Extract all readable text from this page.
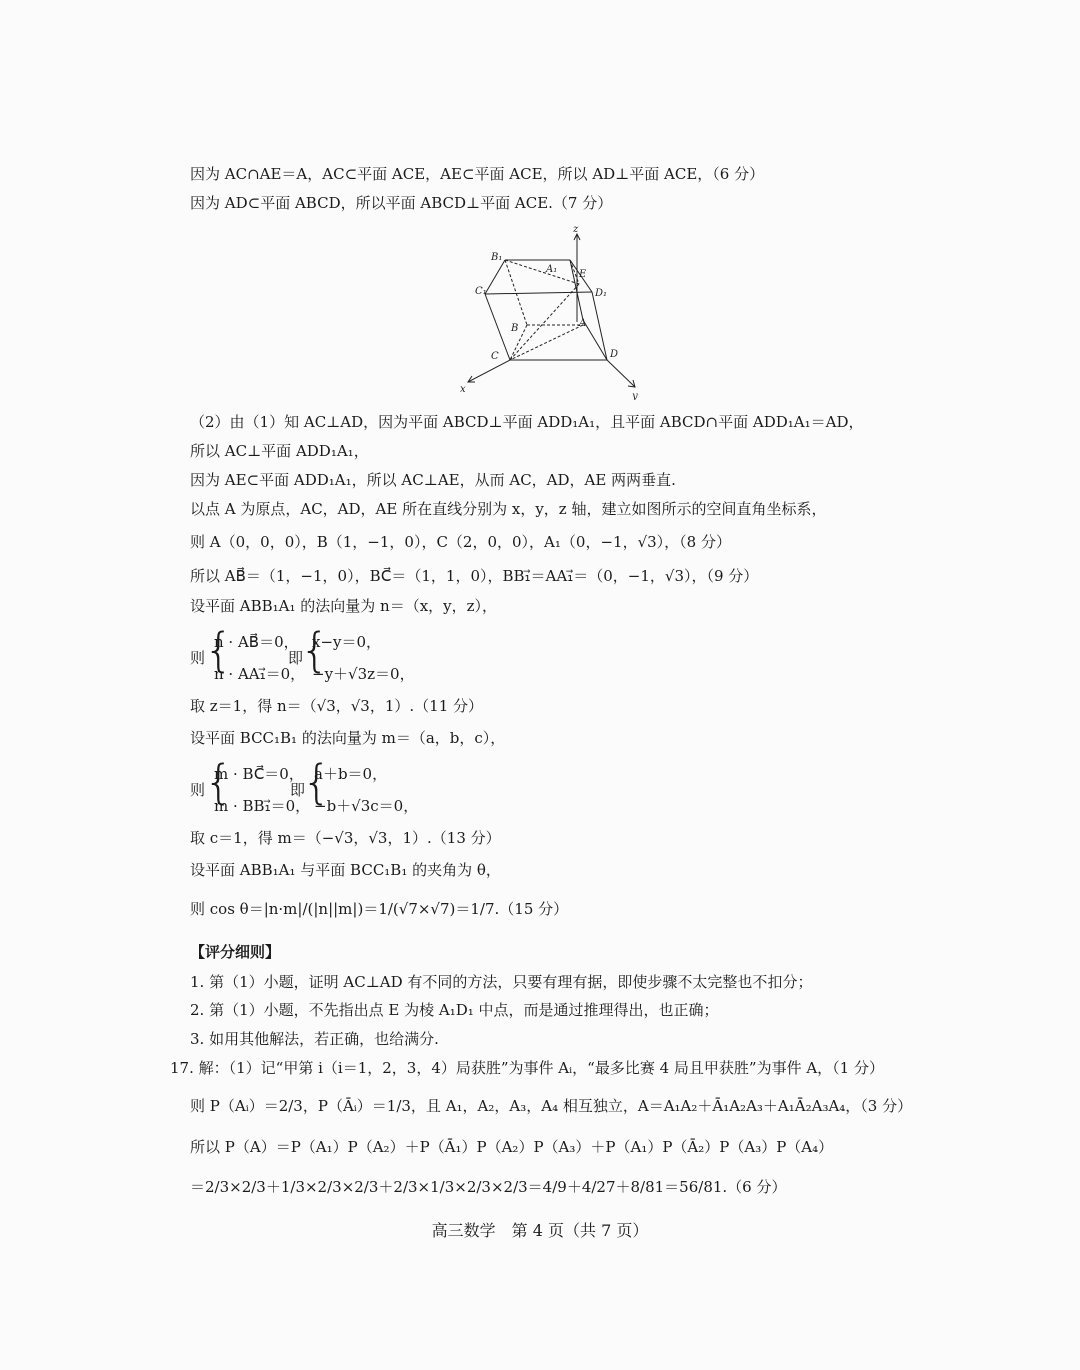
因为 AC∩AE＝A，AC⊂平面 ACE，AE⊂平面 ACE，所以 AD⊥平面 ACE，（6 分）
因为 AD⊂平面 ABCD，所以平面 ABCD⊥平面 ACE.（7 分）
z
x
y
B₁
A₁ E
C₁	D₁
B	A
C	D
（2）由（1）知 AC⊥AD，因为平面 ABCD⊥平面 ADD₁A₁，且平面 ABCD∩平面 ADD₁A₁＝AD，
所以 AC⊥平面 ADD₁A₁，
因为 AE⊂平面 ADD₁A₁，所以 AC⊥AE，从而 AC，AD，AE 两两垂直.
以点 A 为原点，AC，AD，AE 所在直线分别为 x，y，z 轴，建立如图所示的空间直角坐标系，
则 A（0，0，0），B（1，−1，0），C（2，0，0），A₁（0，−1，√3），（8 分）
所以 AB⃗＝（1，−1，0），BC⃗＝（1，1，0），BB₁⃗＝AA₁⃗＝（0，−1，√3），（9 分）
设平面 ABB₁A₁ 的法向量为 n＝（x，y，z），
则
{
n · AB⃗＝0，
n · AA₁⃗＝0，
即
{
x−y＝0，
−y＋√3z＝0，
取 z＝1，得 n＝（√3，√3，1）.（11 分）
设平面 BCC₁B₁ 的法向量为 m＝（a，b，c），
则
{
m · BC⃗＝0，
m · BB₁⃗＝0，
即
{
a＋b＝0，
−b＋√3c＝0，
取 c＝1，得 m＝（−√3，√3，1）.（13 分）
设平面 ABB₁A₁ 与平面 BCC₁B₁ 的夹角为 θ，
则 cos θ＝|n·m|/(|n||m|)＝1/(√7×√7)＝1/7.（15 分）
【评分细则】
1. 第（1）小题，证明 AC⊥AD 有不同的方法，只要有理有据，即使步骤不太完整也不扣分；
2. 第（1）小题，不先指出点 E 为棱 A₁D₁ 中点，而是通过推理得出，也正确；
3. 如用其他解法，若正确，也给满分.
17. 解：（1）记“甲第 i（i＝1，2，3，4）局获胜”为事件 Aᵢ，“最多比赛 4 局且甲获胜”为事件 A，（1 分）
则 P（Aᵢ）＝2/3，P（Āᵢ）＝1/3，且 A₁，A₂，A₃，A₄ 相互独立，A＝A₁A₂＋Ā₁A₂A₃＋A₁Ā₂A₃A₄，（3 分）
所以 P（A）＝P（A₁）P（A₂）＋P（Ā₁）P（A₂）P（A₃）＋P（A₁）P（Ā₂）P（A₃）P（A₄）
＝2/3×2/3＋1/3×2/3×2/3＋2/3×1/3×2/3×2/3＝4/9＋4/27＋8/81＝56/81.（6 分）
高三数学　第 4 页（共 7 页）
